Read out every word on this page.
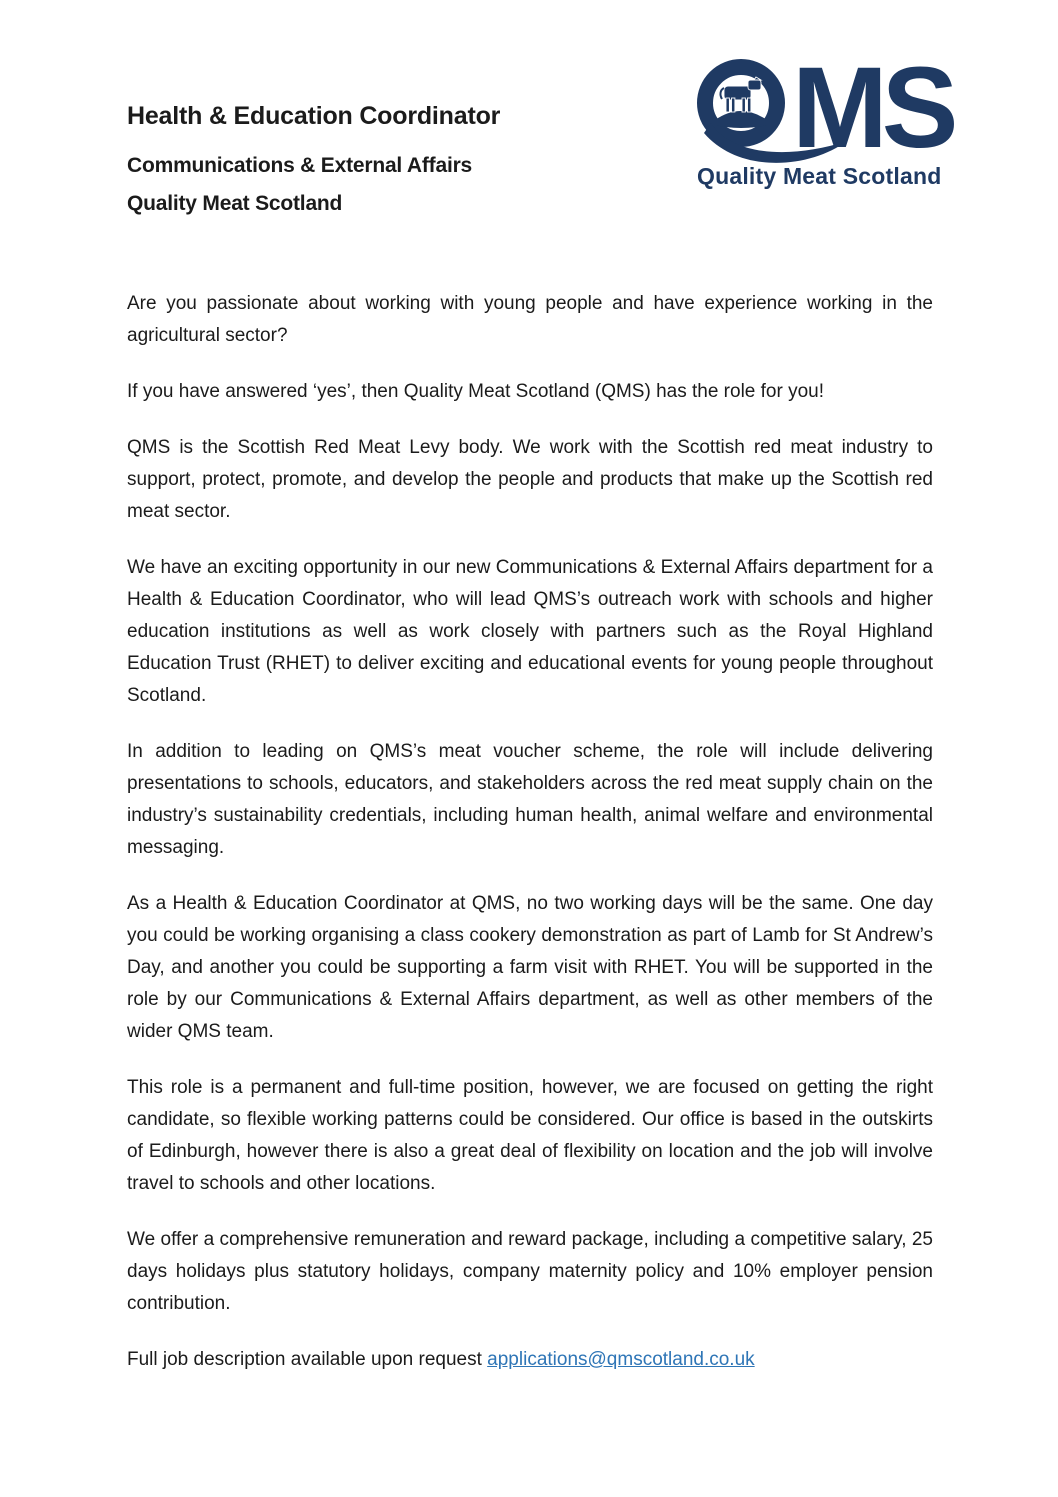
MS
Quality Meat Scotland
Health & Education Coordinator
Communications & External Affairs
Quality Meat Scotland

Are you passionate about working with young people and have experience working in the agricultural sector?

If you have answered ‘yes’, then Quality Meat Scotland (QMS) has the role for you!

QMS is the Scottish Red Meat Levy body. We work with the Scottish red meat industry to support, protect, promote, and develop the people and products that make up the Scottish red meat sector.

We have an exciting opportunity in our new Communications & External Affairs department for a Health & Education Coordinator, who will lead QMS’s outreach work with schools and higher education institutions as well as work closely with partners such as the Royal Highland Education Trust (RHET) to deliver exciting and educational events for young people throughout Scotland.

In addition to leading on QMS’s meat voucher scheme, the role will include delivering presentations to schools, educators, and stakeholders across the red meat supply chain on the industry’s sustainability credentials, including human health, animal welfare and environmental messaging.

As a Health & Education Coordinator at QMS, no two working days will be the same. One day you could be working organising a class cookery demonstration as part of Lamb for St Andrew’s Day, and another you could be supporting a farm visit with RHET. You will be supported in the role by our Communications & External Affairs department, as well as other members of the wider QMS team.

This role is a permanent and full-time position, however, we are focused on getting the right candidate, so flexible working patterns could be considered. Our office is based in the outskirts of Edinburgh, however there is also a great deal of flexibility on location and the job will involve travel to schools and other locations.

We offer a comprehensive remuneration and reward package, including a competitive salary, 25 days holidays plus statutory holidays, company maternity policy and 10% employer pension contribution.

Full job description available upon request applications@qmscotland.co.uk
